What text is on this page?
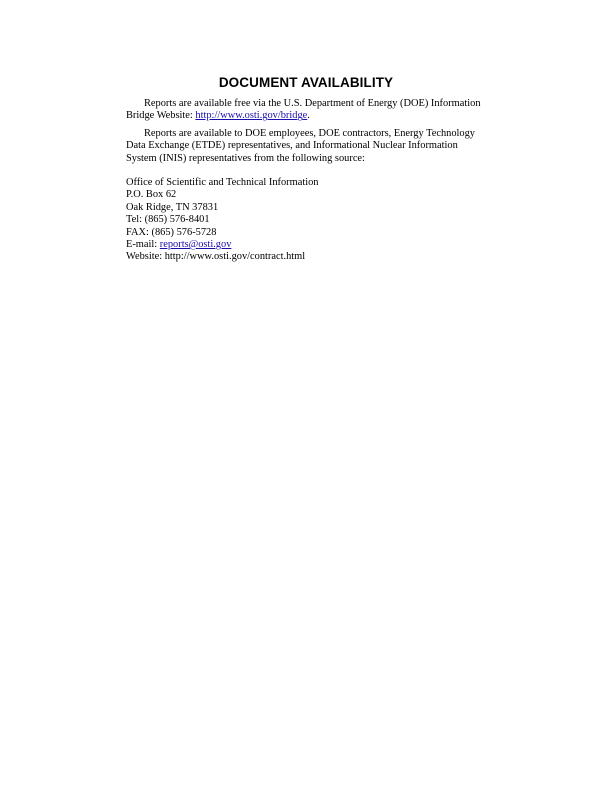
DOCUMENT AVAILABILITY

Reports are available free via the U.S. Department of Energy (DOE) Information Bridge Website: http://www.osti.gov/bridge.

Reports are available to DOE employees, DOE contractors, Energy Technology Data Exchange (ETDE) representatives, and Informational Nuclear Information System (INIS) representatives from the following source:

Office of Scientific and Technical Information
P.O. Box 62
Oak Ridge, TN 37831
Tel: (865) 576-8401
FAX: (865) 576-5728
E-mail: reports@osti.gov
Website: http://www.osti.gov/contract.html
